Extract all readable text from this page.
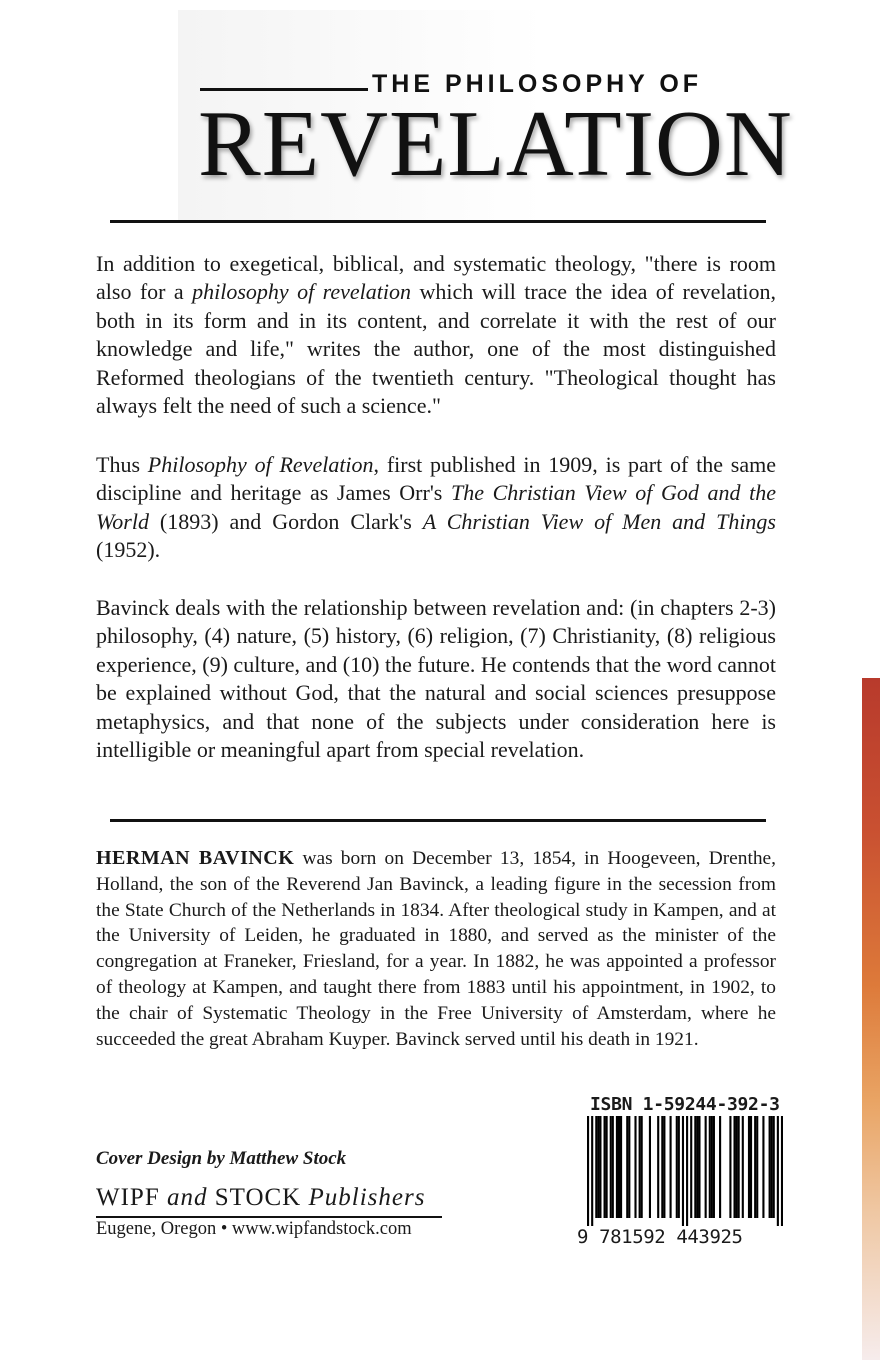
THE PHILOSOPHY OF
REVELATION

In addition to exegetical, biblical, and systematic theology, "there is room also for a philosophy of revelation which will trace the idea of revelation, both in its form and in its content, and correlate it with the rest of our knowledge and life," writes the author, one of the most distinguished Reformed theologians of the twentieth century. "Theological thought has always felt the need of such a science."

Thus Philosophy of Revelation, first published in 1909, is part of the same discipline and heritage as James Orr's The Christian View of God and the World (1893) and Gordon Clark's A Christian View of Men and Things (1952).

Bavinck deals with the relationship between revelation and: (in chapters 2-3) philosophy, (4) nature, (5) history, (6) religion, (7) Christianity, (8) religious experience, (9) culture, and (10) the future. He contends that the word cannot be explained without God, that the natural and social sciences presuppose metaphysics, and that none of the subjects under consideration here is intelligible or meaningful apart from special revelation.

HERMAN BAVINCK was born on December 13, 1854, in Hoogeveen, Drenthe, Holland, the son of the Reverend Jan Bavinck, a leading figure in the secession from the State Church of the Netherlands in 1834. After theological study in Kampen, and at the University of Leiden, he graduated in 1880, and served as the minister of the congregation at Franeker, Friesland, for a year. In 1882, he was appointed a professor of theology at Kampen, and taught there from 1883 until his appointment, in 1902, to the chair of Systematic Theology in the Free University of Amsterdam, where he succeeded the great Abraham Kuyper. Bavinck served until his death in 1921.

Cover Design by Matthew Stock
WIPF and STOCK Publishers
Eugene, Oregon • www.wipfandstock.com
ISBN 1-59244-392-3
9 781592 443925
